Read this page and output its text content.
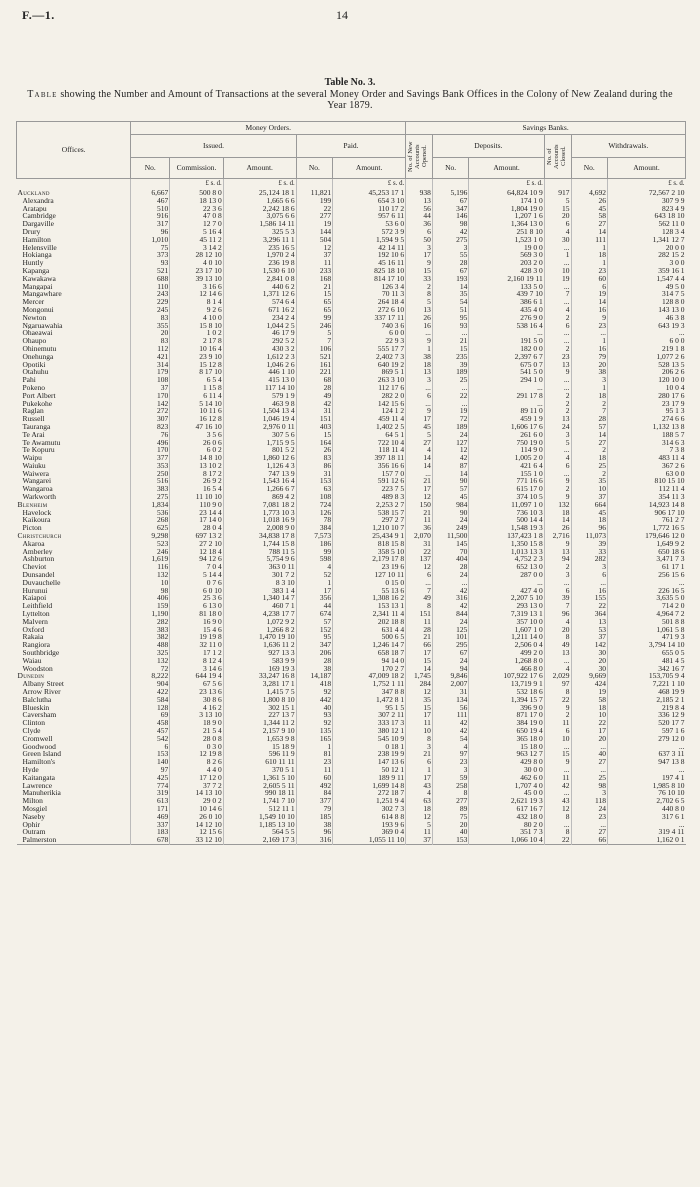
F.—1.	14
Table No. 3.
Table showing the Number and Amount of Transactions at the several Money Order and Savings Bank Offices in the Colony of New Zealand during the Year 1879.
Offices.	Money Orders.					Savings Banks.					
	Issued.			Paid.		No. of New Accounts Opened.	Deposits.		No. of Accounts Closed.	Withdrawals.	
	No.	Commission.	Amount.	No.	Amount.		No.	Amount.		No.	Amount.
		£ s. d.	£ s. d.		£ s. d.			£ s. d.			£ s. d.
Auckland	6,667	500 8 0	25,124 18 1	11,821	45,253 17 1	938	5,196	64,824 10 9	917	4,692	72,567 2 10
Alexandra	467	18 13 0	1,665 6 6	199	654 3 10	13	67	174 1 0	5	26	307 9 9
Aratapu	510	22 3 6	2,242 18 6	22	110 17 2	56	347	1,804 19 0	15	45	823 4 9
Cambridge	916	47 0 8	3,075 6 6	277	957 6 11	44	146	1,207 1 6	20	58	643 18 10
Dargaville	317	12 7 0	1,586 14 11	19	53 6 0	36	98	1,364 13 0	6	27	562 11 0
Drury	96	5 16 4	325 5 3	144	572 3 9	6	42	251 8 10	4	14	128 3 4
Hamilton	1,010	45 11 2	3,296 11 1	504	1,594 9 5	50	275	1,523 1 0	30	111	1,341 12 7
Helensville	75	3 14 2	235 16 5	12	42 14 11	3	3	19 0 0	...	1	20 0 0
Hokianga	373	28 12 10	1,970 2 4	37	192 10 6	17	55	569 3 0	1	18	282 15 2
Huntly	93	4 0 10	236 19 8	11	45 16 11	9	28	203 2 0	...	1	3 0 0
Kapanga	521	23 17 10	1,530 6 10	233	825 18 10	15	67	428 3 0	10	23	359 16 1
Kawakawa	688	39 13 10	2,841 0 8	168	814 17 10	33	193	2,160 19 11	19	60	1,547 4 4
Mangapai	110	3 16 6	440 6 2	21	126 3 4	2	14	133 5 0	...	6	49 5 0
Mangawhare	243	12 14 6	1,371 12 6	15	70 11 3	8	35	439 7 10	7	19	314 7 5
Mercer	229	8 1 4	574 6 4	65	264 18 4	5	54	386 6 1	...	14	128 8 0
Mongonui	245	9 2 6	671 16 2	65	272 6 10	13	51	435 4 0	4	16	143 13 0
Newton	83	4 10 0	234 2 4	99	337 17 11	26	95	276 9 0	2	9	46 3 8
Ngaruawahia	355	15 8 10	1,044 2 5	246	740 3 6	16	93	538 16 4	6	23	643 19 3
Ohaeawai	20	1 0 2	46 17 9	5	6 0 0	...	...	...	...	...	...
Ohaupo	83	2 17 8	292 5 2	7	22 9 3	9	21	191 5 0	...	1	6 0 0
Ohinemutu	112	10 16 4	430 3 2	106	555 17 7	1	15	182 0 0	2	16	219 1 8
Onehunga	421	23 9 10	1,612 2 3	521	2,402 7 3	38	235	2,397 6 7	23	79	1,077 2 6
Opotiki	314	15 12 8	1,046 2 6	161	640 19 2	18	39	675 0 7	13	20	528 13 5
Otahuhu	179	8 17 10	446 1 10	221	869 5 1	13	189	541 5 0	9	38	206 2 6
Pahi	108	6 5 4	415 13 0	68	263 3 10	3	25	294 1 0	...	3	120 10 0
Pokeno	37	1 15 8	117 14 10	28	112 17 6	...	...	...	...	1	10 0 4
Port Albert	170	6 11 4	579 1 9	49	282 2 0	6	22	291 17 8	2	18	280 17 6
Pukekohe	142	5 14 10	463 9 8	42	142 15 6	...	...	...	2	2	23 17 9
Raglan	272	10 11 6	1,504 13 4	31	124 1 2	9	19	89 11 0	2	7	95 1 3
Russell	307	16 12 8	1,046 19 4	151	459 11 4	17	72	459 1 9	13	28	274 6 6
Tauranga	823	47 16 10	2,976 0 11	403	1,402 2 5	45	189	1,606 17 6	24	57	1,132 13 8
Te Arai	76	3 5 6	307 5 6	15	64 5 1	5	24	261 6 0	3	14	188 5 7
Te Awamutu	496	26 0 6	1,715 9 5	164	722 10 4	27	127	750 19 0	5	27	314 6 3
Te Kopuru	170	6 0 2	801 5 2	26	118 11 4	4	12	114 9 0	...	2	7 3 8
Waipu	377	14 8 10	1,860 12 6	83	397 18 11	14	42	1,005 2 0	4	18	483 11 4
Waiuku	353	13 10 2	1,126 4 3	86	356 16 6	14	87	421 6 4	6	25	367 2 6
Waiwera	250	8 17 2	747 13 9	31	157 7 0	...	14	155 1 0	...	2	63 0 0
Wangarei	516	26 9 2	1,543 16 4	153	591 12 6	21	90	771 16 6	9	35	810 15 10
Wangaroa	383	16 5 4	1,266 6 7	63	223 7 5	17	57	615 17 0	2	10	112 11 4
Warkworth	275	11 10 10	869 4 2	108	489 8 3	12	45	374 10 5	9	37	354 11 3
Blenheim	1,834	110 9 0	7,081 18 2	724	2,253 2 7	150	984	11,097 1 0	132	664	14,923 14 8
Havelock	536	23 14 4	1,773 10 3	126	538 15 7	21	90	736 10 3	18	45	906 17 10
Kaikoura	268	17 14 0	1,018 16 9	78	297 2 7	11	24	500 14 4	14	18	761 2 7
Picton	625	28 0 4	2,008 9 0	384	1,210 10 7	36	249	1,548 19 3	26	96	1,772 16 5
Christchurch	9,298	697 13 2	34,838 17 8	7,573	25,434 9 1	2,070	11,500	137,423 1 8	2,716	11,073	179,646 12 0
Akaroa	523	27 2 10	1,744 15 8	186	818 15 8	31	145	1,350 15 8	9	39	1,649 9 2
Amberley	246	12 18 4	788 11 5	99	358 5 10	22	70	1,013 13 3	13	33	650 18 6
Ashburton	1,619	94 12 6	5,754 9 6	598	2,179 17 8	137	404	4,752 2 3	94	282	3,471 7 3
Cheviot	116	7 0 4	363 0 11	4	23 19 6	12	28	652 13 0	2	3	61 17 1
Dunsandel	132	5 14 4	301 7 2	52	127 10 11	6	24	287 0 0	3	6	256 15 6
Duvauchelle	10	0 7 6	8 3 10	1	0 15 0	...	...	...	...	...	...
Hurunui	98	6 0 10	383 1 4	17	55 13 6	7	42	427 4 0	6	16	226 16 5
Kaiapoi	406	25 3 6	1,340 14 7	356	1,308 16 2	49	316	2,207 5 10	39	155	3,635 5 0
Leithfield	159	6 13 0	460 7 1	44	153 13 1	8	42	293 13 0	7	22	714 2 0
Lyttelton	1,190	81 18 0	4,238 17 7	674	2,341 11 4	151	844	7,319 13 1	96	364	4,964 7 2
Malvern	282	16 9 0	1,072 9 2	57	202 18 8	11	24	357 10 0	4	13	501 8 8
Oxford	383	15 4 6	1,266 8 2	152	631 4 4	28	125	1,607 1 0	20	53	1,061 5 8
Rakaia	382	19 19 8	1,470 19 10	95	500 6 5	21	101	1,211 14 0	8	37	471 9 3
Rangiora	488	32 11 0	1,636 11 2	347	1,246 14 7	66	295	2,506 0 4	49	142	3,794 14 10
Southbridge	325	17 1 2	927 13 3	206	658 18 7	17	67	499 2 0	13	30	655 0 5
Waiau	132	8 12 4	583 9 9	28	94 14 0	15	24	1,268 8 0	...	20	481 4 5
Woodston	72	3 14 6	169 19 3	38	170 2 7	14	94	466 8 0	4	30	342 16 7
Dunedin	8,222	644 19 4	33,247 16 8	14,187	47,009 18 2	1,745	9,846	107,922 17 6	2,029	9,669	153,705 9 4
Albany Street	904	67 5 6	3,281 17 1	418	1,752 1 11	284	2,007	13,719 9 1	97	424	7,221 1 10
Arrow River	422	23 13 6	1,415 7 5	92	347 8 8	12	31	532 18 6	8	19	468 19 9
Balclutha	584	30 8 6	1,800 8 10	442	1,472 8 1	35	134	1,394 15 7	22	58	2,185 2 1
Blueskin	128	4 16 2	302 15 1	40	95 1 5	15	56	396 9 0	9	18	219 8 4
Caversham	69	3 13 10	227 13 7	93	307 2 11	17	111	871 17 0	2	10	336 12 9
Clinton	458	18 9 0	1,344 11 2	92	333 17 3	11	42	384 19 0	11	22	520 17 7
Clyde	457	21 5 4	2,157 9 10	135	380 12 1	10	42	650 19 4	6	17	597 1 6
Cromwell	542	28 0 8	1,653 9 8	165	545 10 9	8	54	365 18 0	10	20	279 12 0
Goodwood	6	0 3 0	15 18 9	1	0 18 1	3	4	15 18 0	...	...	...
Green Island	153	12 19 8	596 11 9	81	238 19 9	21	97	963 12 7	15	40	637 3 11
Hamilton's	140	8 2 6	610 11 11	23	147 13 6	6	23	429 8 0	9	27	947 13 8
Hyde	97	4 4 0	370 5 1	11	50 12 1	1	3	30 0 0	...	...	...
Kaitangata	425	17 12 0	1,361 5 10	60	189 9 11	17	59	462 6 0	11	25	197 4 1
Lawrence	774	37 7 2	2,605 5 11	492	1,699 14 8	43	258	1,707 4 0	42	98	1,985 8 10
Manuherikia	319	14 13 10	990 18 11	84	272 18 7	4	8	45 0 0	...	3	76 10 10
Milton	613	29 0 2	1,741 7 10	377	1,251 9 4	63	277	2,621 19 3	43	118	2,702 6 5
Mosgiel	171	10 14 6	512 11 1	79	302 7 3	18	89	617 16 7	12	24	440 8 0
Naseby	469	26 0 10	1,549 10 10	185	614 8 8	12	75	432 18 0	8	23	317 6 1
Ophir	337	14 12 10	1,185 13 10	38	193 9 6	5	20	80 2 0	...	...	...
Outram	183	12 15 6	564 5 5	96	369 0 4	11	40	351 7 3	8	27	319 4 11
Palmerston	678	33 12 10	2,169 17 3	316	1,055 11 10	37	153	1,066 10 4	22	66	1,162 0 1
